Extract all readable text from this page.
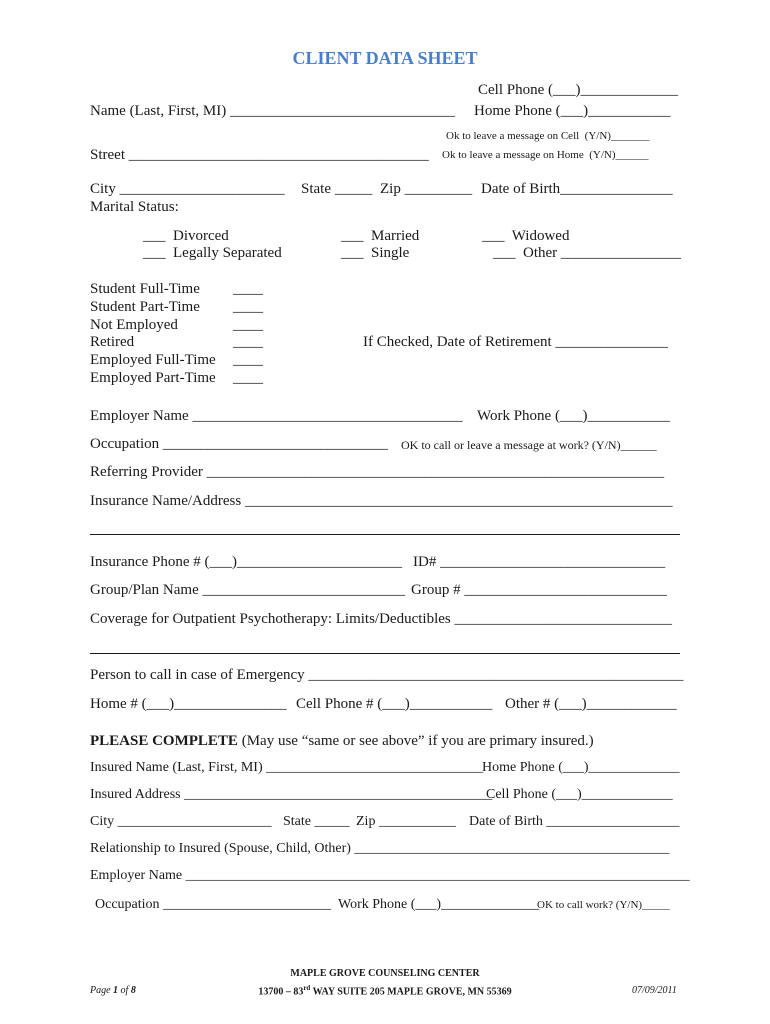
CLIENT DATA SHEET
Cell Phone (___)_____________
Name (Last, First, MI) ______________________________ Home Phone (___)___________
Ok to leave a message on Cell  (Y/N)_______
Street ________________________________________ Ok to leave a message on Home  (Y/N)______
City ______________________ State _____ Zip _________ Date of Birth_______________
Marital Status:
___  Divorced
___  Legally Separated
___  Married
___  Single
___  Widowed
___  Other ________________
Student Full-Time ____
Student Part-Time ____
Not Employed	____
Retired	____
Employed Full-Time ____
Employed Part-Time ____
If Checked, Date of Retirement _______________
Employer Name ____________________________________ Work Phone (___)___________
Occupation ______________________________ OK to call or leave a message at work? (Y/N)______
Referring Provider _____________________________________________________________
Insurance Name/Address _________________________________________________________
Insurance Phone # (___)______________________ ID# ______________________________
Group/Plan Name ___________________________ Group # ___________________________
Coverage for Outpatient Psychotherapy: Limits/Deductibles _____________________________
Person to call in case of Emergency __________________________________________________
Home # (___)_______________ Cell Phone # (___)___________ Other # (___)____________
PLEASE COMPLETE (May use “same or see above” if you are primary insured.)
Insured Name (Last, First, MI) _______________________________
Home Phone (___)_____________
Insured Address ____________________________________________
Cell Phone (___)_____________
City ______________________ State _____ Zip ___________ Date of Birth ___________________
Relationship to Insured (Spouse, Child, Other) _____________________________________________
Employer Name ________________________________________________________________________
Occupation ________________________ Work Phone (___)______________
OK to call work? (Y/N)_____
MAPLE GROVE COUNSELING CENTER
13700 – 83rd WAY SUITE 205 MAPLE GROVE, MN 55369
Page 1 of 8	07/09/2011
